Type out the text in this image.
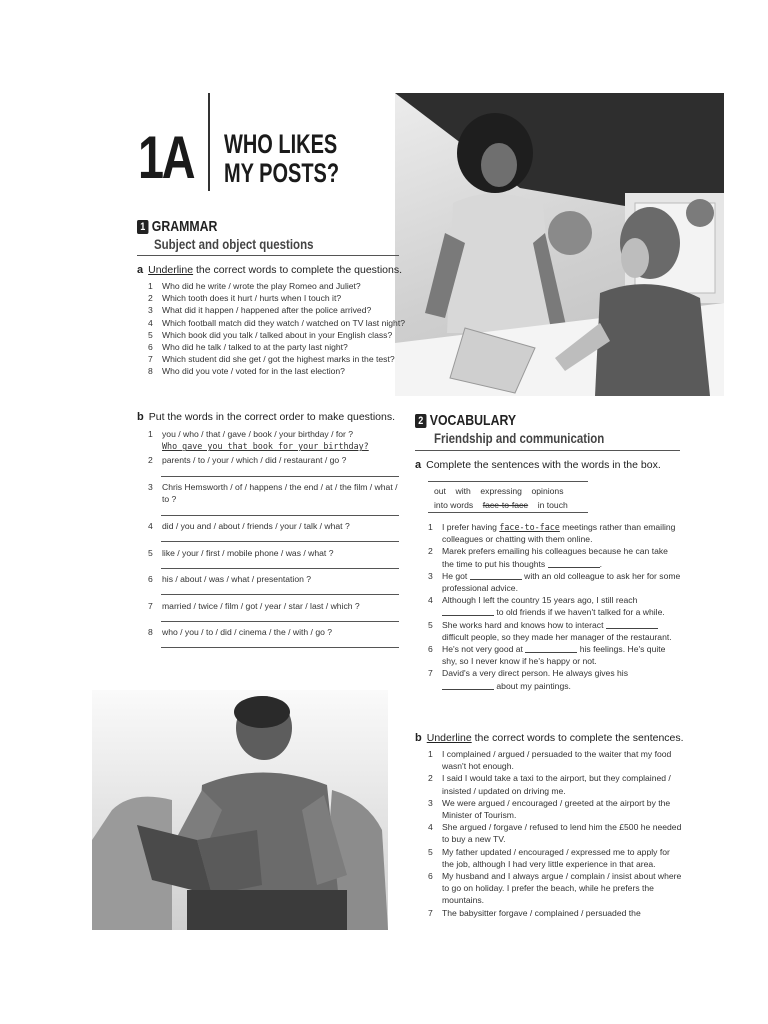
1A WHO LIKES
MY POSTS?
1 GRAMMAR
Subject and object questions
a Underline the correct words to complete the questions.
1 Who did he write / wrote the play Romeo and Juliet?
2 Which tooth does it hurt / hurts when I touch it?
3 What did it happen / happened after the police arrived?
4 Which football match did they watch / watched on TV last night?
5 Which book did you talk / talked about in your English class?
6 Who did he talk / talked to at the party last night?
7 Which student did she get / got the highest marks in the test?
8 Who did you vote / voted for in the last election?
b Put the words in the correct order to make questions.
1 you / who / that / gave / book / your birthday / for ?
Who gave you that book for your birthday?
2 parents / to / your / which / did / restaurant / go ?
3 Chris Hemsworth / of / happens / the end / at / the film / what / to ?
4 did / you and / about / friends / your / talk / what ?
5 like / your / first / mobile phone / was / what ?
6 his / about / was / what / presentation ?
7 married / twice / film / got / year / star / last / which ?
8 who / you / to / did / cinema / the / with / go ?
2 VOCABULARY
Friendship and communication
a Complete the sentences with the words in the box.
out with expressing opinions
into words face-to-face in touch
1 I prefer having face-to-face meetings rather than emailing colleagues or chatting with them online.
2 Marek prefers emailing his colleagues because he can take the time to put his thoughts	.
3 He got	with an old colleague to ask her for some professional advice.
4 Although I left the country 15 years ago, I still reach  to old friends if we haven't talked for a while.
5 She works hard and knows how to interact  difficult people, so they made her manager of the restaurant.
6 He's not very good at	his feelings. He's quite shy, so I never know if he's happy or not.
7 David's a very direct person. He always gives his  about my paintings.
b Underline the correct words to complete the sentences.
1 I complained / argued / persuaded to the waiter that my food wasn't hot enough.
2 I said I would take a taxi to the airport, but they complained / insisted / updated on driving me.
3 We were argued / encouraged / greeted at the airport by the Minister of Tourism.
4 She argued / forgave / refused to lend him the £500 he needed to buy a new TV.
5 My father updated / encouraged / expressed me to apply for the job, although I had very little experience in that area.
6 My husband and I always argue / complain / insist about where to go on holiday. I prefer the beach, while he prefers the mountains.
7 The babysitter forgave / complained / persuaded the
